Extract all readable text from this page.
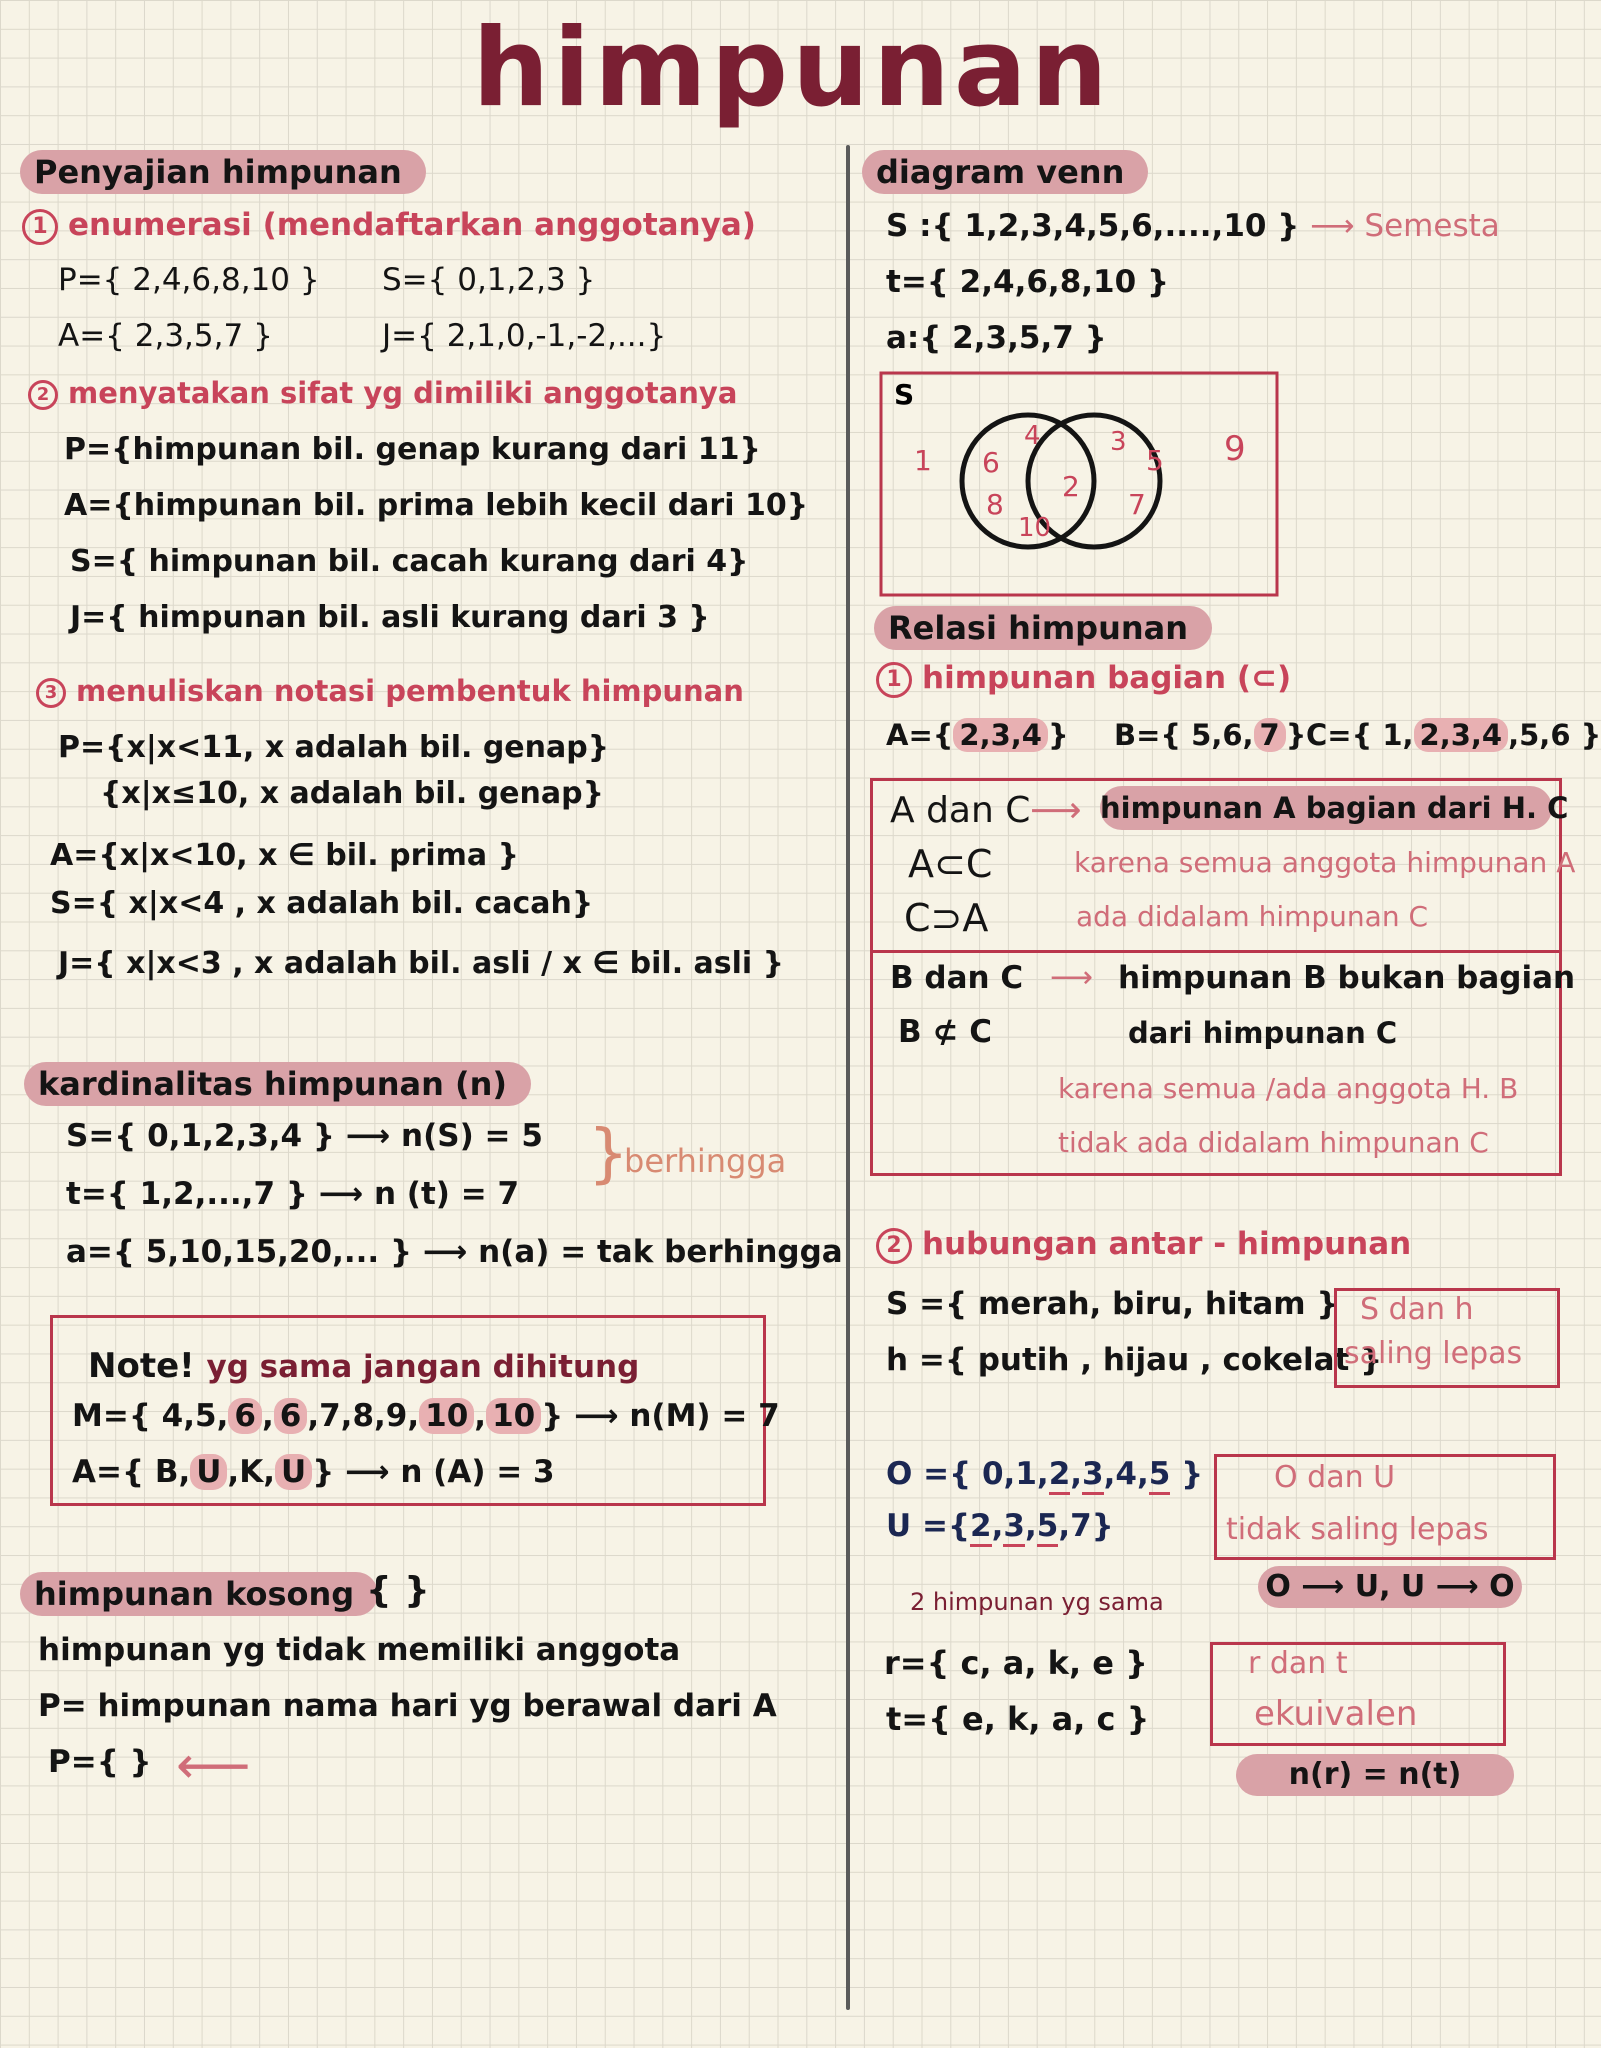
himpunan
Penyajian himpunan
1 enumerasi (mendaftarkan anggotanya)
P={ 2,4,6,8,10 } S={ 0,1,2,3 }
A={ 2,3,5,7 }	J={ 2,1,0,-1,-2,...}
2 menyatakan sifat yg dimiliki anggotanya
P={himpunan bil. genap kurang dari 11}
A={himpunan bil. prima lebih kecil dari 10}
S={ himpunan bil. cacah kurang dari 4}
J={ himpunan bil. asli kurang dari 3 }
3 menuliskan notasi pembentuk himpunan
P={x|x<11, x adalah bil. genap}
{x|x≤10, x adalah bil. genap}
A={x|x<10, x ∈ bil. prima }
S={ x|x<4 , x adalah bil. cacah}
J={ x|x<3 , x adalah bil. asli / x ∈ bil. asli }
kardinalitas himpunan (n)
S={ 0,1,2,3,4 } ⟶ n(S) = 5
t={ 1,2,...,7 } ⟶ n (t) = 7
}
berhingga
a={ 5,10,15,20,... } ⟶ n(a) = tak berhingga
Note! yg sama jangan dihitung
M={ 4,5, 6 , 6 ,7,8,9, 10 , 10 } ⟶ n(M) = 7
A={ B, U ,K, U } ⟶ n (A) = 3
himpunan kosong { }
himpunan yg tidak memiliki anggota
P= himpunan nama hari yg berawal dari A
P={ } ⟵
diagram venn
S :{ 1,2,3,4,5,6,....,10 } ⟶ Semesta
t={ 2,4,6,8,10 }
a:{ 2,3,5,7 }
S
1	9
6
4
8
10
2
3
5
7
Relasi himpunan
1 himpunan bagian (⊂)
A={ 2,3,4 } B={ 5,6, 7 } C={ 1, 2,3,4 ,5,6 }
A dan C ⟶ himpunan A bagian dari H. C
A⊂C
C⊃A
karena semua anggota himpunan A
ada didalam himpunan C
B dan C ⟶ himpunan B bukan bagian
B ⊄ C	dari himpunan C
karena semua /ada anggota H. B
tidak ada didalam himpunan C
2 hubungan antar - himpunan
S ={ merah, biru, hitam }
h ={ putih , hijau , cokelat }
S dan h
saling lepas
O ={ 0,1,2,3,4,5 }
U ={2,3,5,7}
O dan U
tidak saling lepas
O ⟶ U, U ⟶ O
2 himpunan yg sama
r={ c, a, k, e }
t={ e, k, a, c }
r dan t
ekuivalen
n(r) = n(t)
